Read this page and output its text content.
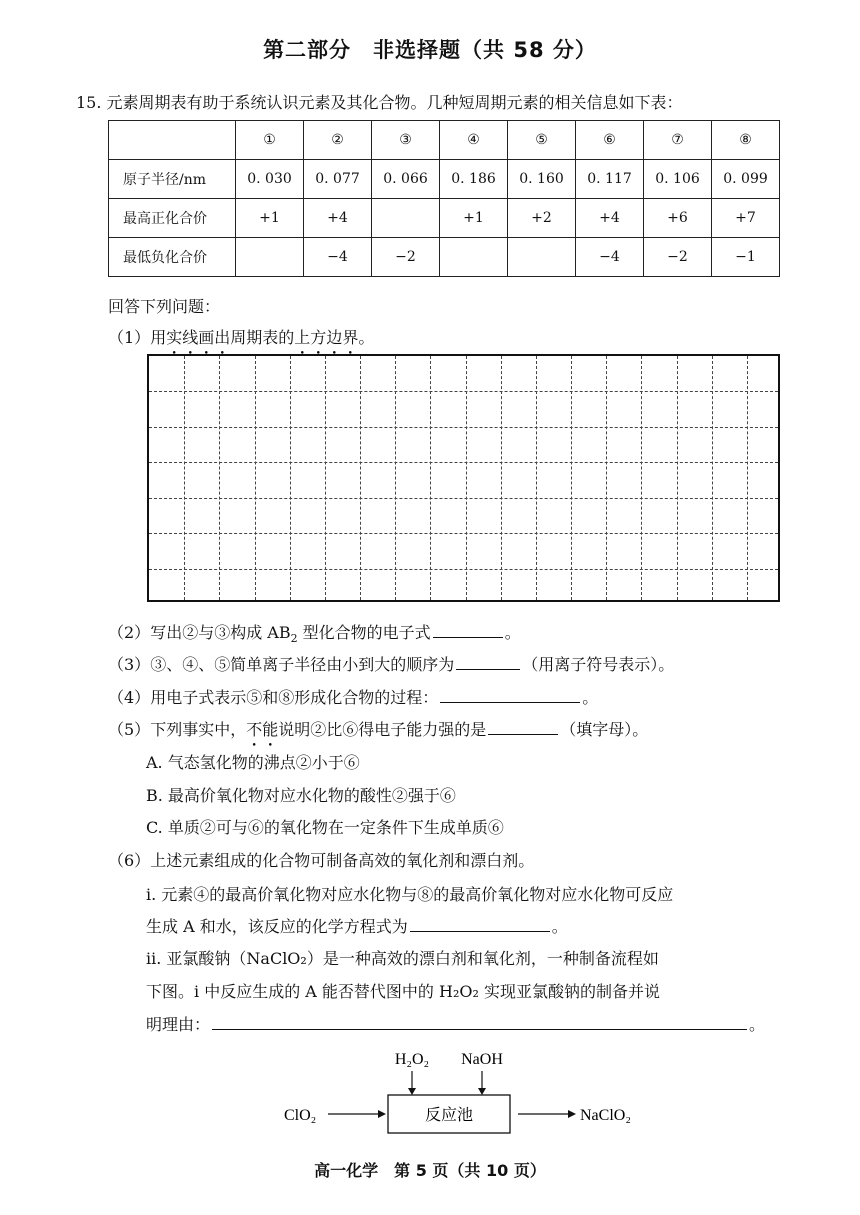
第二部分　非选择题（共 58 分）
15. 元素周期表有助于系统认识元素及其化合物。几种短周期元素的相关信息如下表：
	①	②	③	④	⑤	⑥	⑦	⑧
原子半径/nm	0. 030	0. 077	0. 066	0. 186	0. 160	0. 117	0. 106	0. 099
最高正化合价	+1	+4		+1	+2	+4	+6	+7
最低负化合价		−4	−2			−4	−2	−1
回答下列问题：
（1）用实线画出周期表的上方边界。
（2）写出②与③构成 $AB_2$ 型化合物的电子式	。
（3）③、④、⑤简单离子半径由小到大的顺序为	（用离子符号表示）。
（4）用电子式表示⑤和⑧形成化合物的过程：	。
（5）下列事实中，不能说明②比⑥得电子能力强的是	（填字母）。
A. 气态氢化物的沸点②小于⑥
B. 最高价氧化物对应水化物的酸性②强于⑥
C. 单质②可与⑥的氧化物在一定条件下生成单质⑥
（6）上述元素组成的化合物可制备高效的氧化剂和漂白剂。
i. 元素④的最高价氧化物对应水化物与⑧的最高价氧化物对应水化物可反应
生成 A 和水，该反应的化学方程式为	。
ii. 亚氯酸钠（NaClO₂）是一种高效的漂白剂和氧化剂，一种制备流程如
下图。i 中反应生成的 A 能否替代图中的 H₂O₂ 实现亚氯酸钠的制备并说
明理由：	。
H₂O₂ NaOH
反应池
ClO₂	NaClO₂
高一化学　第 5 页（共 10 页）
